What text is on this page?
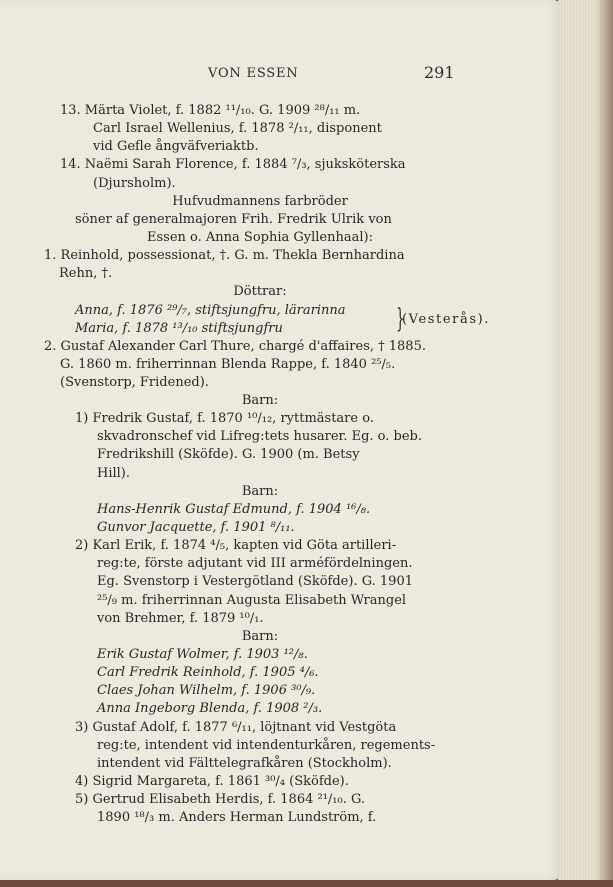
VON ESSEN	291
13. Märta Violet, f. 1882 ¹¹/₁₀. G. 1909 ²⁸/₁₁ m.
Carl Israel Wellenius, f. 1878 ²/₁₁, disponent
vid Gefle ångväfveriaktb.
14. Naëmi Sarah Florence, f. 1884 ⁷/₃, sjuksköterska
(Djursholm).
Hufvudmannens farbröder
söner af generalmajoren Frih. Fredrik Ulrik von
Essen o. Anna Sophia Gyllenhaal):
1. Reinhold, possessionat, †. G. m. Thekla Bernhardina
Rehn, †.
Döttrar:
Anna, f. 1876 ²⁹/₇, stiftsjungfru, lärarinna
Maria, f. 1878 ¹³/₁₀ stiftsjungfru	}
(Vesterås).
2. Gustaf Alexander Carl Thure, chargé d'affaires, † 1885.
G. 1860 m. friherrinnan Blenda Rappe, f. 1840 ²⁵/₅.
(Svenstorp, Fridened).
Barn:
1) Fredrik Gustaf, f. 1870 ¹⁰/₁₂, ryttmästare o.
skvadronschef vid Lifreg:tets husarer. Eg. o. beb.
Fredrikshill (Sköfde). G. 1900 (m. Betsy
Hill).
Barn:
Hans-Henrik Gustaf Edmund, f. 1904 ¹⁶/₈.
Gunvor Jacquette, f. 1901 ⁸/₁₁.
2) Karl Erik, f. 1874 ⁴/₅, kapten vid Göta artilleri-
reg:te, förste adjutant vid III arméfördelningen.
Eg. Svenstorp i Vestergötland (Sköfde). G. 1901
²⁵/₉ m. friherrinnan Augusta Elisabeth Wrangel
von Brehmer, f. 1879 ¹⁰/₁.
Barn:
Erik Gustaf Wolmer, f. 1903 ¹²/₈.
Carl Fredrik Reinhold, f. 1905 ⁴/₆.
Claes Johan Wilhelm, f. 1906 ³⁰/₉.
Anna Ingeborg Blenda, f. 1908 ²/₃.
3) Gustaf Adolf, f. 1877 ⁶/₁₁, löjtnant vid Vestgöta
reg:te, intendent vid intendenturkåren, regements-
intendent vid Fälttelegrafkåren (Stockholm).
4) Sigrid Margareta, f. 1861 ³⁰/₄ (Sköfde).
5) Gertrud Elisabeth Herdis, f. 1864 ²¹/₁₀. G.
1890 ¹⁸/₃ m. Anders Herman Lundström, f.
